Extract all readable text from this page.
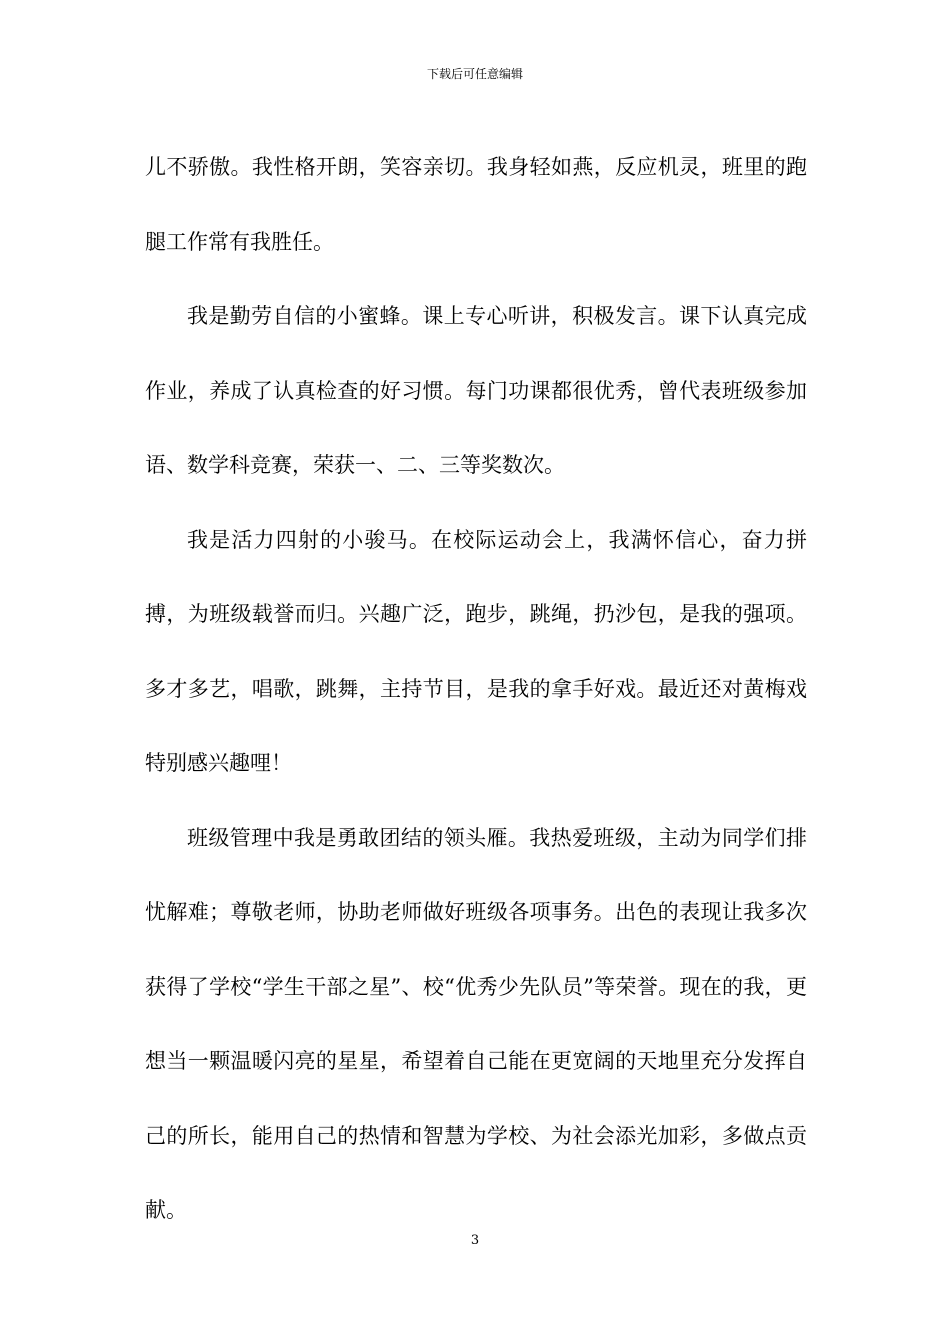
下载后可任意编辑

儿不骄傲。我性格开朗，笑容亲切。我身轻如燕，反应机灵，班里的跑腿工作常有我胜任。

我是勤劳自信的小蜜蜂。课上专心听讲，积极发言。课下认真完成作业，养成了认真检查的好习惯。每门功课都很优秀，曾代表班级参加语、数学科竞赛，荣获一、二、三等奖数次。

我是活力四射的小骏马。在校际运动会上，我满怀信心，奋力拼搏，为班级载誉而归。兴趣广泛，跑步，跳绳，扔沙包，是我的强项。多才多艺，唱歌，跳舞，主持节目，是我的拿手好戏。最近还对黄梅戏特别感兴趣哩！

班级管理中我是勇敢团结的领头雁。我热爱班级，主动为同学们排忧解难；尊敬老师，协助老师做好班级各项事务。出色的表现让我多次获得了学校“学生干部之星”、校“优秀少先队员”等荣誉。现在的我，更想当一颗温暖闪亮的星星，希望着自己能在更宽阔的天地里充分发挥自己的所长，能用自己的热情和智慧为学校、为社会添光加彩，多做点贡献。

3
